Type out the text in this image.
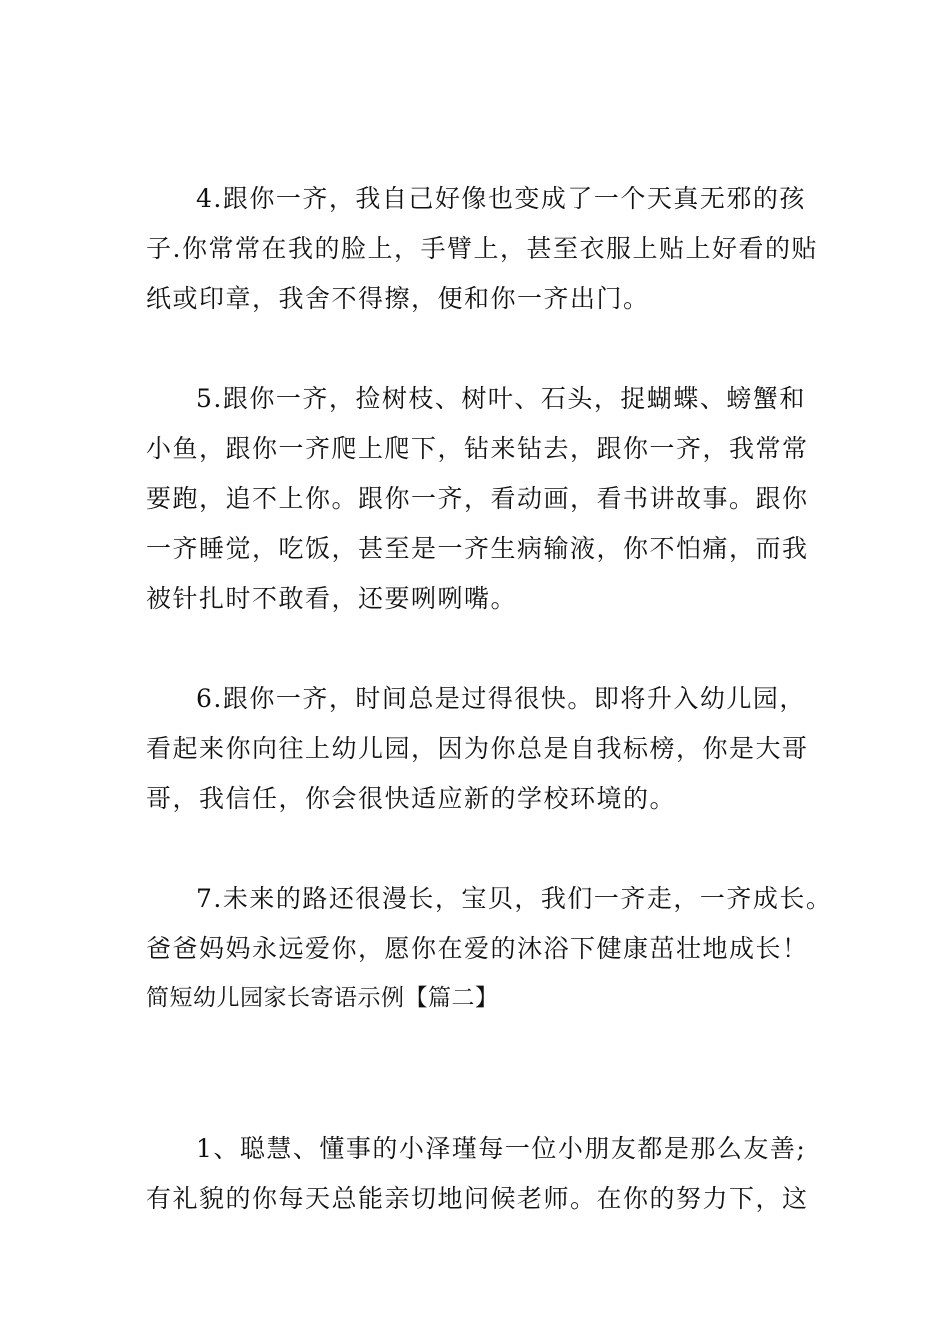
4.跟你一齐，我自己好像也变成了一个天真无邪的孩
子.你常常在我的脸上，手臂上，甚至衣服上贴上好看的贴
纸或印章，我舍不得擦，便和你一齐出门。
5.跟你一齐，捡树枝、树叶、石头，捉蝴蝶、螃蟹和
小鱼，跟你一齐爬上爬下，钻来钻去，跟你一齐，我常常
要跑，追不上你。跟你一齐，看动画，看书讲故事。跟你
一齐睡觉，吃饭，甚至是一齐生病输液，你不怕痛，而我
被针扎时不敢看，还要咧咧嘴。
6.跟你一齐，时间总是过得很快。即将升入幼儿园，
看起来你向往上幼儿园，因为你总是自我标榜，你是大哥
哥，我信任，你会很快适应新的学校环境的。
7.未来的路还很漫长，宝贝，我们一齐走，一齐成长。
爸爸妈妈永远爱你，愿你在爱的沐浴下健康茁壮地成长！
简短幼儿园家长寄语示例【篇二】
1、聪慧、懂事的小泽瑾每一位小朋友都是那么友善;
有礼貌的你每天总能亲切地问候老师。在你的努力下，这
